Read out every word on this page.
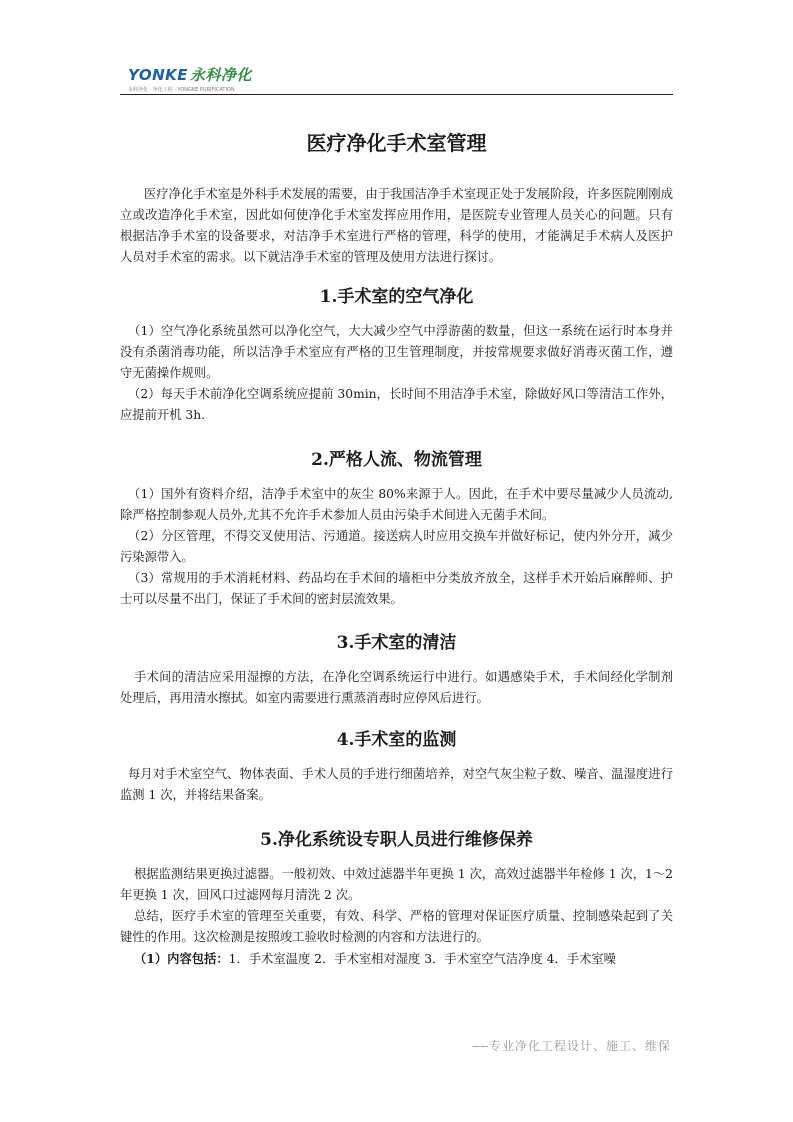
YONKE 永科净化
永科净化 · 净化工程 · YONGKE PURIFICATION
医疗净化手术室管理

医疗净化手术室是外科手术发展的需要，由于我国洁净手术室现正处于发展阶段，许多医院刚刚成立或改造净化手术室，因此如何使净化手术室发挥应用作用，是医院专业管理人员关心的问题。只有根据洁净手术室的设备要求，对洁净手术室进行严格的管理，科学的使用，才能满足手术病人及医护人员对手术室的需求。以下就洁净手术室的管理及使用方法进行探讨。

1.手术室的空气净化

（1）空气净化系统虽然可以净化空气，大大减少空气中浮游菌的数量，但这一系统在运行时本身并没有杀菌消毒功能，所以洁净手术室应有严格的卫生管理制度，并按常规要求做好消毒灭菌工作，遵守无菌操作规则。

（2）每天手术前净化空调系统应提前 30min，长时间不用洁净手术室，除做好风口等清洁工作外，应提前开机 3h.

2.严格人流、物流管理

（1）国外有资料介绍，洁净手术室中的灰尘 80%来源于人。因此，在手术中要尽量减少人员流动,除严格控制参观人员外,尤其不允许手术参加人员由污染手术间进入无菌手术间。

（2）分区管理，不得交叉使用洁、污通道。接送病人时应用交换车并做好标记，使内外分开，减少污染源带入。

（3）常规用的手术消耗材料、药品均在手术间的墙柜中分类放齐放全，这样手术开始后麻醉师、护士可以尽量不出门，保证了手术间的密封层流效果。

3.手术室的清洁

手术间的清洁应采用湿擦的方法，在净化空调系统运行中进行。如遇感染手术，手术间经化学制剂处理后，再用清水擦拭。如室内需要进行熏蒸消毒时应停风后进行。

4.手术室的监测

每月对手术室空气、物体表面、手术人员的手进行细菌培养，对空气灰尘粒子数、噪音、温湿度进行监测 1 次，并将结果备案。

5.净化系统设专职人员进行维修保养

根据监测结果更换过滤器。一般初效、中效过滤器半年更换 1 次，高效过滤器半年检修 1 次，1～2 年更换 1 次，回风口过滤网每月清洗 2 次。

总结，医疗手术室的管理至关重要，有效、科学、严格的管理对保证医疗质量、控制感染起到了关键性的作用。这次检测是按照竣工验收时检测的内容和方法进行的。

（1）内容包括：1．手术室温度 2．手术室相对湿度 3．手术室空气洁净度 4．手术室噪

——专业净化工程设计、施工、维保
